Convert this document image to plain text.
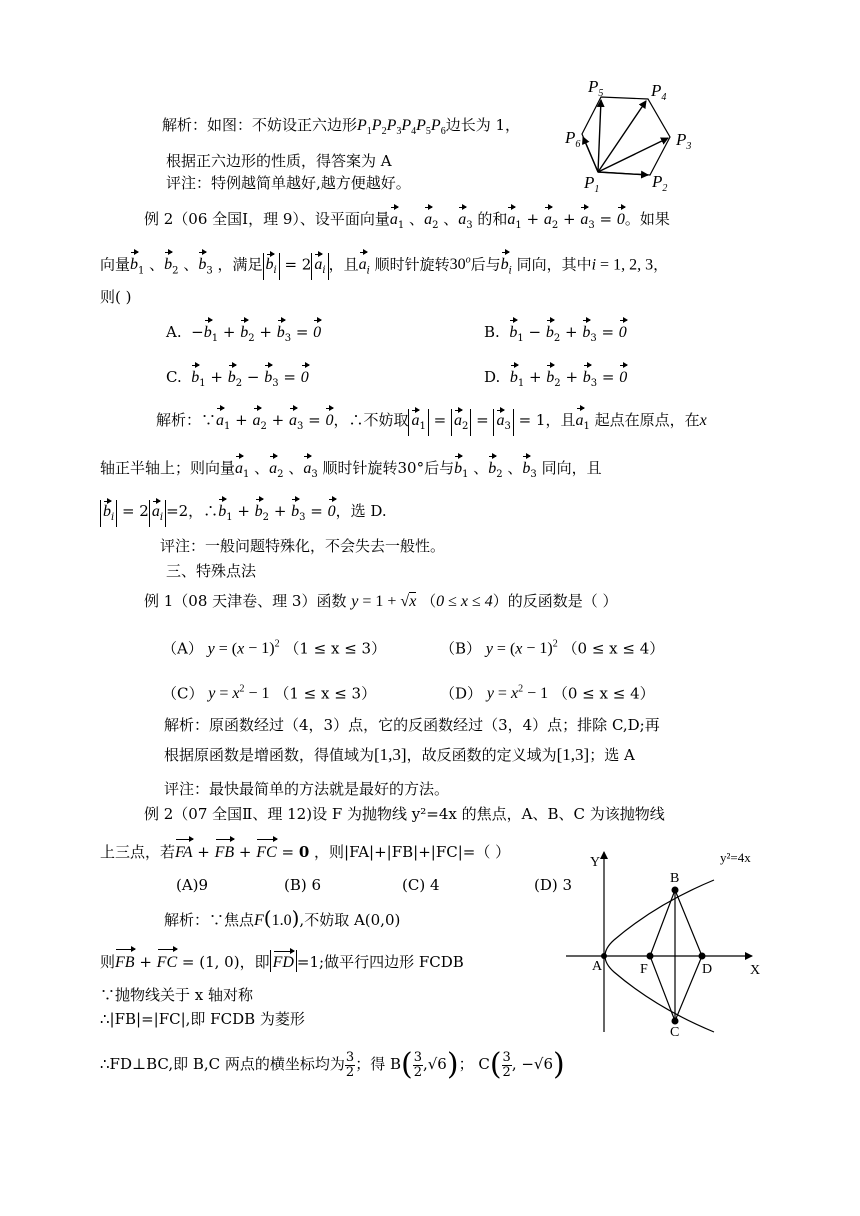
$P_1$	$P_2$
$P_3$
$P_4$
$P_5$
$P_6$
解析：如图：不妨设正六边形$P_1P_2P_3P_4P_5P_6$边长为 1，
根据正六边形的性质，得答案为 A
评注：特例越简单越好,越方便越好。
例 2（06 全国Ⅰ，理 9）、设平面向量$a_1$ 、$a_2$ 、$a_3$ 的和$a_1 + a_2 + a_3 = 0$。如果
向量$b_1$ 、$b_2$ 、$b_3$ ，满足 $b_i = 2$ $a_i$ ，且$a_i$ 顺时针旋转30$^o$后与$b_i$ 同向，其中i = 1, 2, 3，
则( )
A.  $-b_1 + b_2 + b_3 = 0$	B. $b_1 - b_2 + b_3 = 0$
C. $b_1 + b_2 - b_3 = 0$	D. $b_1 + b_2 + b_3 = 0$
解析：$\because a_1 + a_2 + a_3 = 0$，∴不妨取 $a_1 = a_2 = a_3 = 1$，且$a_1$ 起点在原点，在x
轴正半轴上；则向量$a_1$ 、$a_2$ 、$a_3$ 顺时针旋转30°后与$b_1$ 、$b_2$ 、$b_3$ 同向，且
$b_i = 2$ $a_i =2$，$\therefore b_1 + b_2 + b_3 = 0$，选 D.
评注：一般问题特殊化，不会失去一般性。
三、特殊点法
例 1（08 天津卷、理 3）函数 y = 1 + √x （0 ≤ x ≤ 4）的反函数是（ ）
（A） $y = (x - 1)^2$ （1 ≤ x ≤ 3）	（B） $y = (x - 1)^2$ （0 ≤ x ≤ 4）
（C） $y = x^2 - 1$ （1 ≤ x ≤ 3）	（D） $y = x^2 - 1$ （0 ≤ x ≤ 4）
解析：原函数经过（4，3）点，它的反函数经过（3，4）点；排除 C,D;再
根据原函数是增函数，得值域为[1,3]，故反函数的定义域为[1,3]；选 A
评注：最快最简单的方法就是最好的方法。
例 2（07 全国Ⅱ、理 12)设 F 为抛物线 y²=4x 的焦点，A、B、C 为该抛物线
上三点，若FA + FB + FC = 0 ，则|FA|+|FB|+|FC|=（ ）
(A)9	(B) 6	(C) 4	(D) 3
解析：∵焦点F(1.0),不妨取 A(0,0)
则FB + FC = (1, 0)，即 FD =1;做平行四边形 FCDB
∵抛物线关于 x 轴对称
∴|FB|=|FC|,即 FCDB 为菱形
∴FD⊥BC,即 B,C 两点的横坐标均为 $\frac{3}{2}$ ；得 $B( \frac{3}{2} ,√6)$； $C( \frac{3}{2}$ , −√6)
Y
X
y²=4x
A
B
C
D
F
